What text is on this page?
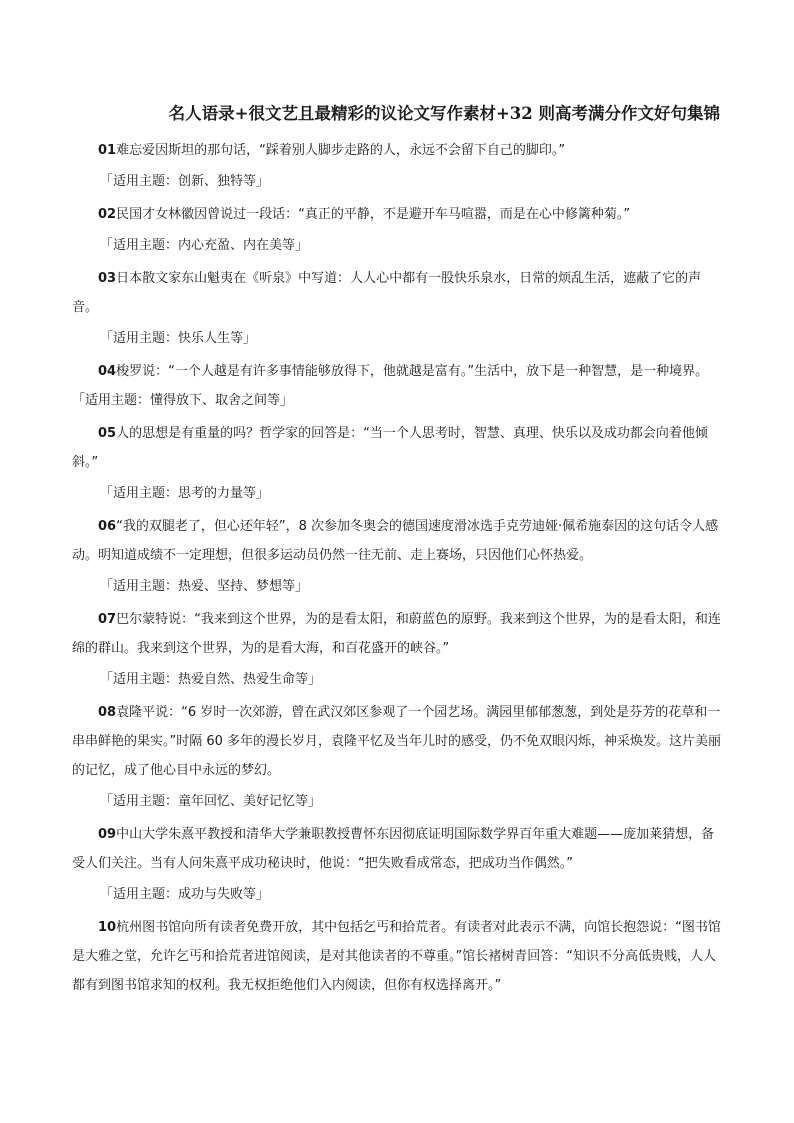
名人语录+很文艺且最精彩的议论文写作素材+32 则高考满分作文好句集锦

01难忘爱因斯坦的那句话，“踩着别人脚步走路的人，永远不会留下自己的脚印。”

「适用主题：创新、独特等」

02民国才女林徽因曾说过一段话：“真正的平静，不是避开车马喧嚣，而是在心中修篱种菊。”

「适用主题：内心充盈、内在美等」

03日本散文家东山魁夷在《听泉》中写道：人人心中都有一股快乐泉水，日常的烦乱生活，遮蔽了它的声音。

「适用主题：快乐人生等」

04梭罗说：“一个人越是有许多事情能够放得下，他就越是富有。”生活中，放下是一种智慧，是一种境界。「适用主题：懂得放下、取舍之间等」

05人的思想是有重量的吗？哲学家的回答是：“当一个人思考时，智慧、真理、快乐以及成功都会向着他倾斜。”

「适用主题：思考的力量等」

06“我的双腿老了，但心还年轻”，8 次参加冬奥会的德国速度滑冰选手克劳迪娅·佩希施泰因的这句话令人感动。明知道成绩不一定理想，但很多运动员仍然一往无前、走上赛场，只因他们心怀热爱。

「适用主题：热爱、坚持、梦想等」

07巴尔蒙特说：“我来到这个世界，为的是看太阳，和蔚蓝色的原野。我来到这个世界，为的是看太阳，和连绵的群山。我来到这个世界，为的是看大海，和百花盛开的峡谷。”

「适用主题：热爱自然、热爱生命等」

08袁隆平说：“6 岁时一次郊游，曾在武汉郊区参观了一个园艺场。满园里郁郁葱葱，到处是芬芳的花草和一串串鲜艳的果实。”时隔 60 多年的漫长岁月，袁隆平忆及当年儿时的感受，仍不免双眼闪烁，神采焕发。这片美丽的记忆，成了他心目中永远的梦幻。

「适用主题：童年回忆、美好记忆等」

09中山大学朱熹平教授和清华大学兼职教授曹怀东因彻底证明国际数学界百年重大难题——庞加莱猜想，备受人们关注。当有人问朱熹平成功秘诀时，他说：“把失败看成常态，把成功当作偶然。”

「适用主题：成功与失败等」

10杭州图书馆向所有读者免费开放，其中包括乞丐和拾荒者。有读者对此表示不满，向馆长抱怨说：“图书馆是大雅之堂，允许乞丐和拾荒者进馆阅读，是对其他读者的不尊重。”馆长褚树青回答：“知识不分高低贵贱，人人都有到图书馆求知的权利。我无权拒绝他们入内阅读，但你有权选择离开。”
